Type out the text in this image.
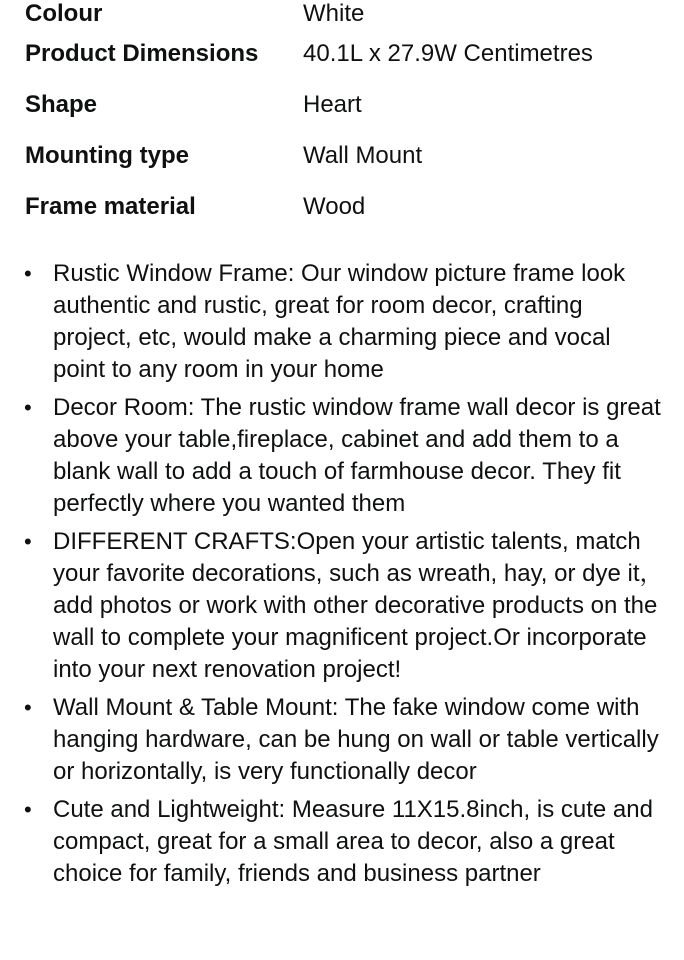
Colour	White
Product Dimensions	40.1L x 27.9W Centimetres
Shape	Heart
Mounting type	Wall Mount
Frame material	Wood
• Rustic Window Frame: Our window picture frame look authentic and rustic, great for room decor, crafting project, etc, would make a charming piece and vocal point to any room in your home
• Decor Room: The rustic window frame wall decor is great above your table,fireplace, cabinet and add them to a blank wall to add a touch of farmhouse decor. They fit perfectly where you wanted them
• DIFFERENT CRAFTS:Open your artistic talents, match your favorite decorations, such as wreath, hay, or dye it， add photos or work with other decorative products on the wall to complete your magnificent project.Or incorporate into your next renovation project!
• Wall Mount & Table Mount: The fake window come with hanging hardware, can be hung on wall or table vertically or horizontally, is very functionally decor
• Cute and Lightweight: Measure 11X15.8inch, is cute and compact, great for a small area to decor, also a great choice for family, friends and business partner
